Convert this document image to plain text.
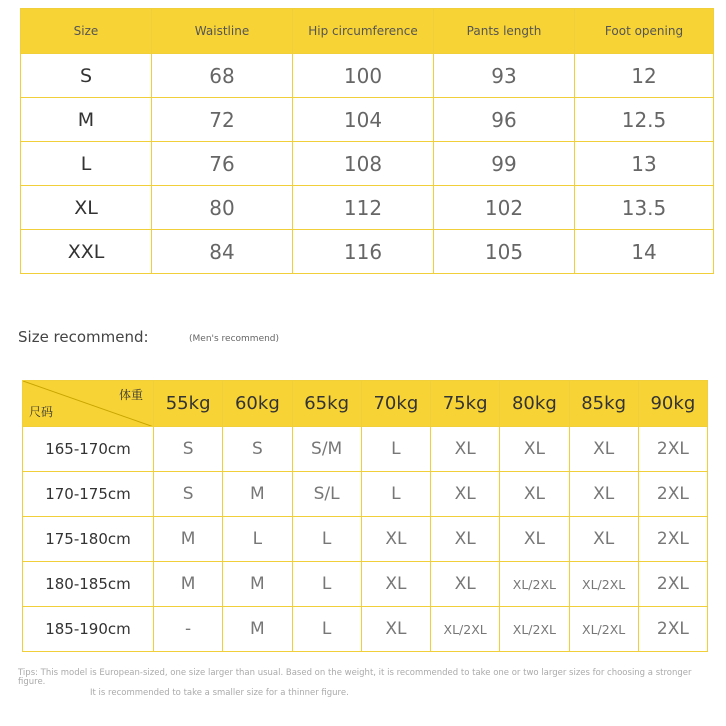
Size	Waistline	Hip circumference	Pants length	Foot opening
S	68	100	93	12
M	72	104	96	12.5
L	76	108	99	13
XL	80	112	102	13.5
XXL	84	116	105	14
Size recommend:	(Men's recommend)
体重
尺码	55kg	60kg	65kg	70kg	75kg	80kg	85kg	90kg
165-170cm	S	S	S/M	L	XL	XL	XL	2XL
170-175cm	S	M	S/L	L	XL	XL	XL	2XL
175-180cm	M	L	L	XL	XL	XL	XL	2XL
180-185cm	M	M	L	XL	XL	XL/2XL	XL/2XL	2XL
185-190cm	-	M	L	XL	XL/2XL	XL/2XL	XL/2XL	2XL
Tips: This model is European-sized, one size larger than usual. Based on the weight, it is recommended to take one or two larger sizes for choosing a stronger figure.
It is recommended to take a smaller size for a thinner figure.
